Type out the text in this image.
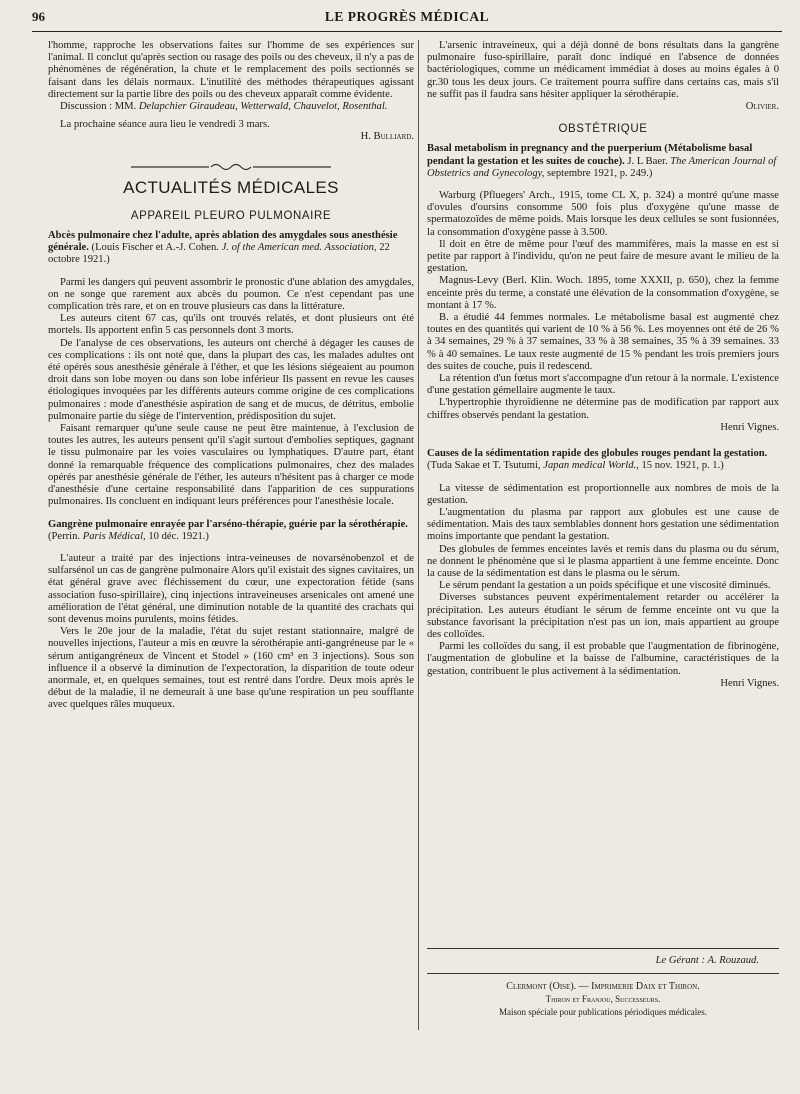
96	LE PROGRÈS MÉDICAL

l'homme, rapproche les observations faites sur l'homme de ses expériences sur l'animal. Il conclut qu'après section ou rasage des poils ou des cheveux, il n'y a pas de phénomènes de régénération, la chute et le remplacement des poils sectionnés se faisant dans les délais normaux. L'inutilité des méthodes thérapeutiques agissant directement sur la partie libre des poils ou des cheveux apparaît comme évidente.

Discussion : MM. Delapchier Giraudeau, Wetterwald, Chauvelot, Rosenthal.

La prochaine séance aura lieu le vendredi 3 mars.

H. Bulliard.

ACTUALITÉS MÉDICALES
APPAREIL PLEURO PULMONAIRE

Abcès pulmonaire chez l'adulte, après ablation des amygdales sous anesthésie générale. (Louis Fischer et A.-J. Cohen. J. of the American med. Association, 22 octobre 1921.)

Parmi les dangers qui peuvent assombrir le pronostic d'une ablation des amygdales, on ne songe que rarement aux abcès du poumon. Ce n'est cependant pas une complication très rare, et on en trouve plusieurs cas dans la littérature.

Les auteurs citent 67 cas, qu'ils ont trouvés relatés, et dont plusieurs ont été mortels. Ils apportent enfin 5 cas personnels dont 3 morts.

De l'analyse de ces observations, les auteurs ont cherché à dégager les causes de ces complications : ils ont noté que, dans la plupart des cas, les malades adultes ont été opérés sous anesthésie générale à l'éther, et que les lésions siégeaient au poumon droit dans son lobe moyen ou dans son lobe inférieur Ils passent en revue les causes étiologiques invoquées par les différents auteurs comme origine de ces complications pulmonaires : mode d'anesthésie aspiration de sang et de mucus, de détritus, embolie pulmonaire partie du siège de l'intervention, prédisposition du sujet.

Faisant remarquer qu'une seule cause ne peut être maintenue, à l'exclusion de toutes les autres, les auteurs pensent qu'il s'agit surtout d'embolies septiques, gagnant le tissu pulmonaire par les voies vasculaires ou lymphatiques. D'autre part, étant donné la remarquable fréquence des complications pulmonaires, chez des malades opérés par anesthésie générale de l'éther, les auteurs n'hésitent pas à charger ce mode d'anesthésie d'une certaine responsabilité dans l'apparition de ces suppurations pulmonaires. Ils concluent en indiquant leurs préférences pour l'anesthésie locale.

Gangrène pulmonaire enrayée par l'arséno-thérapie, guérie par la sérothérapie. (Perrin. Paris Médical, 10 déc. 1921.)

L'auteur a traité par des injections intra-veineuses de novarsénobenzol et de sulfarsénol un cas de gangrène pulmonaire Alors qu'il existait des signes cavitaires, un état général grave avec fléchissement du cœur, une expectoration fétide (sans association fuso-spirillaire), cinq injections intraveineuses arsenicales ont amené une amélioration de l'état général, une diminution notable de la quantité des crachats qui sont devenus moins purulents, moins fétides.

Vers le 20e jour de la maladie, l'état du sujet restant stationnaire, malgré de nouvelles injections, l'auteur a mis en œuvre la sérothérapie anti-gangréneuse par le « sérum antigangréneux de Vincent et Stodel » (160 cm³ en 3 injections). Sous son influence il a observé la diminution de l'expectoration, la disparition de toute odeur anormale, et, en quelques semaines, tout est rentré dans l'ordre. Deux mois après le début de la maladie, il ne demeurait à une base qu'une respiration un peu soufflante avec quelques râles muqueux.

L'arsenic intraveineux, qui a déjà donné de bons résultats dans la gangrène pulmonaire fuso-spirillaire, paraît donc indiqué en l'absence de données bactériologiques, comme un médicament immédiat à doses au moins égales à 0 gr.30 tous les deux jours. Ce traitement pourra suffire dans certains cas, mais s'il ne suffit pas il faudra sans hésiter appliquer la sérothérapie.

Olivier.

OBSTÉTRIQUE

Basal metabolism in pregnancy and the puerperium (Métabolisme basal pendant la gestation et les suites de couche). J. L Baer. The American Journal of Obstetrics and Gynecology, septembre 1921, p. 249.)

Warburg (Pfluegers' Arch., 1915, tome CL X, p. 324) a montré qu'une masse d'ovules d'oursins consomme 500 fois plus d'oxygène qu'une masse de spermatozoïdes de même poids. Mais lorsque les deux cellules se sont fusionnées, la consommation d'oxygène passe à 3.500.

Il doit en être de même pour l'œuf des mammifères, mais la masse en est si petite par rapport à l'individu, qu'on ne peut faire de mesure avant le milieu de la gestation.

Magnus-Levy (Berl. Klin. Woch. 1895, tome XXXII, p. 650), chez la femme enceinte près du terme, a constaté une élévation de la consommation d'oxygène, se montant à 17 %.

B. a étudié 44 femmes normales. Le métabolisme basal est augmenté chez toutes en des quantités qui varient de 10 % à 56 %. Les moyennes ont été de 26 % à 34 semaines, 29 % à 37 semaines, 33 % à 38 semaines, 35 % à 39 semaines. 33 % à 40 semaines. Le taux reste augmenté de 15 % pendant les trois premiers jours des suites de couche, puis il redescend.

La rétention d'un fœtus mort s'accompagne d'un retour à la normale. L'existence d'une gestation gémellaire augmente le taux.

L'hypertrophie thyroïdienne ne détermine pas de modification par rapport aux chiffres observés pendant la gestation.

Henri Vignes.

Causes de la sédimentation rapide des globules rouges pendant la gestation. (Tuda Sakae et T. Tsutumi, Japan medical World., 15 nov. 1921, p. 1.)

La vitesse de sédimentation est proportionnelle aux nombres de mois de la gestation.

L'augmentation du plasma par rapport aux globules est une cause de sédimentation. Mais des taux semblables donnent hors gestation une sédimentation moins importante que pendant la gestation.

Des globules de femmes enceintes lavés et remis dans du plasma ou du sérum, ne donnent le phénomène que si le plasma appartient à une femme enceinte. Donc la cause de la sédimentation est dans le plasma ou le sérum.

Le sérum pendant la gestation a un poids spécifique et une viscosité diminués.

Diverses substances peuvent expérimentalement retarder ou accélérer la précipitation. Les auteurs étudiant le sérum de femme enceinte ont vu que la substance favorisant la précipitation n'est pas un ion, mais appartient au groupe des colloïdes.

Parmi les colloïdes du sang, il est probable que l'augmentation de fibrinogène, l'augmentation de globuline et la baisse de l'albumine, caractéristiques de la gestation, contribuent le plus activement à la sédimentation.

Henri Vignes.

Le Gérant : A. Rouzaud.

Clermont (Oise). — Imprimerie Daix et Thiron.
Thiron et Franjou, Successeurs.
Maison spéciale pour publications périodiques médicales.
